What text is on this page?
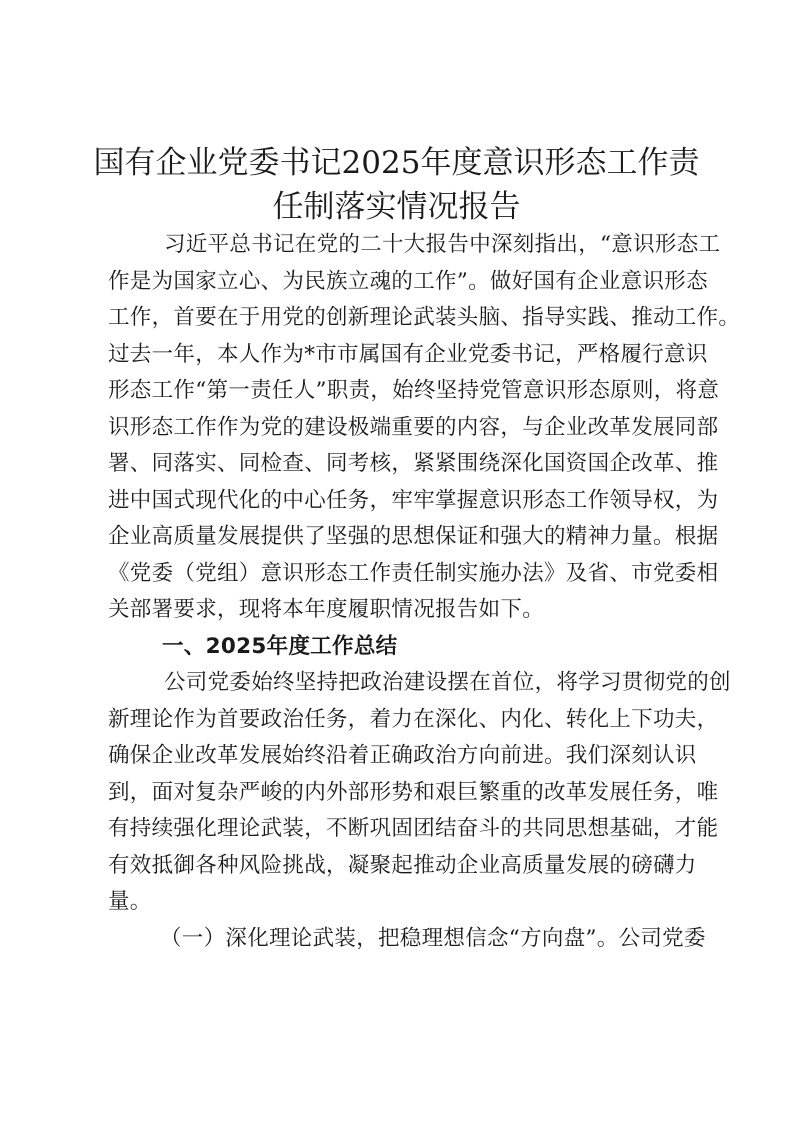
国有企业党委书记2025年度意识形态工作责
任制落实情况报告
习近平总书记在党的二十大报告中深刻指出，“意识形态工
作是为国家立心、为民族立魂的工作”。做好国有企业意识形态
工作，首要在于用党的创新理论武装头脑、指导实践、推动工作。
过去一年，本人作为*市市属国有企业党委书记，严格履行意识
形态工作“第一责任人”职责，始终坚持党管意识形态原则，将意
识形态工作作为党的建设极端重要的内容，与企业改革发展同部
署、同落实、同检查、同考核，紧紧围绕深化国资国企改革、推
进中国式现代化的中心任务，牢牢掌握意识形态工作领导权，为
企业高质量发展提供了坚强的思想保证和强大的精神力量。根据
《党委（党组）意识形态工作责任制实施办法》及省、市党委相
关部署要求，现将本年度履职情况报告如下。
一、2025年度工作总结
公司党委始终坚持把政治建设摆在首位，将学习贯彻党的创
新理论作为首要政治任务，着力在深化、内化、转化上下功夫，
确保企业改革发展始终沿着正确政治方向前进。我们深刻认识
到，面对复杂严峻的内外部形势和艰巨繁重的改革发展任务，唯
有持续强化理论武装，不断巩固团结奋斗的共同思想基础，才能
有效抵御各种风险挑战，凝聚起推动企业高质量发展的磅礴力
量。
（一）深化理论武装，把稳理想信念“方向盘”。公司党委
